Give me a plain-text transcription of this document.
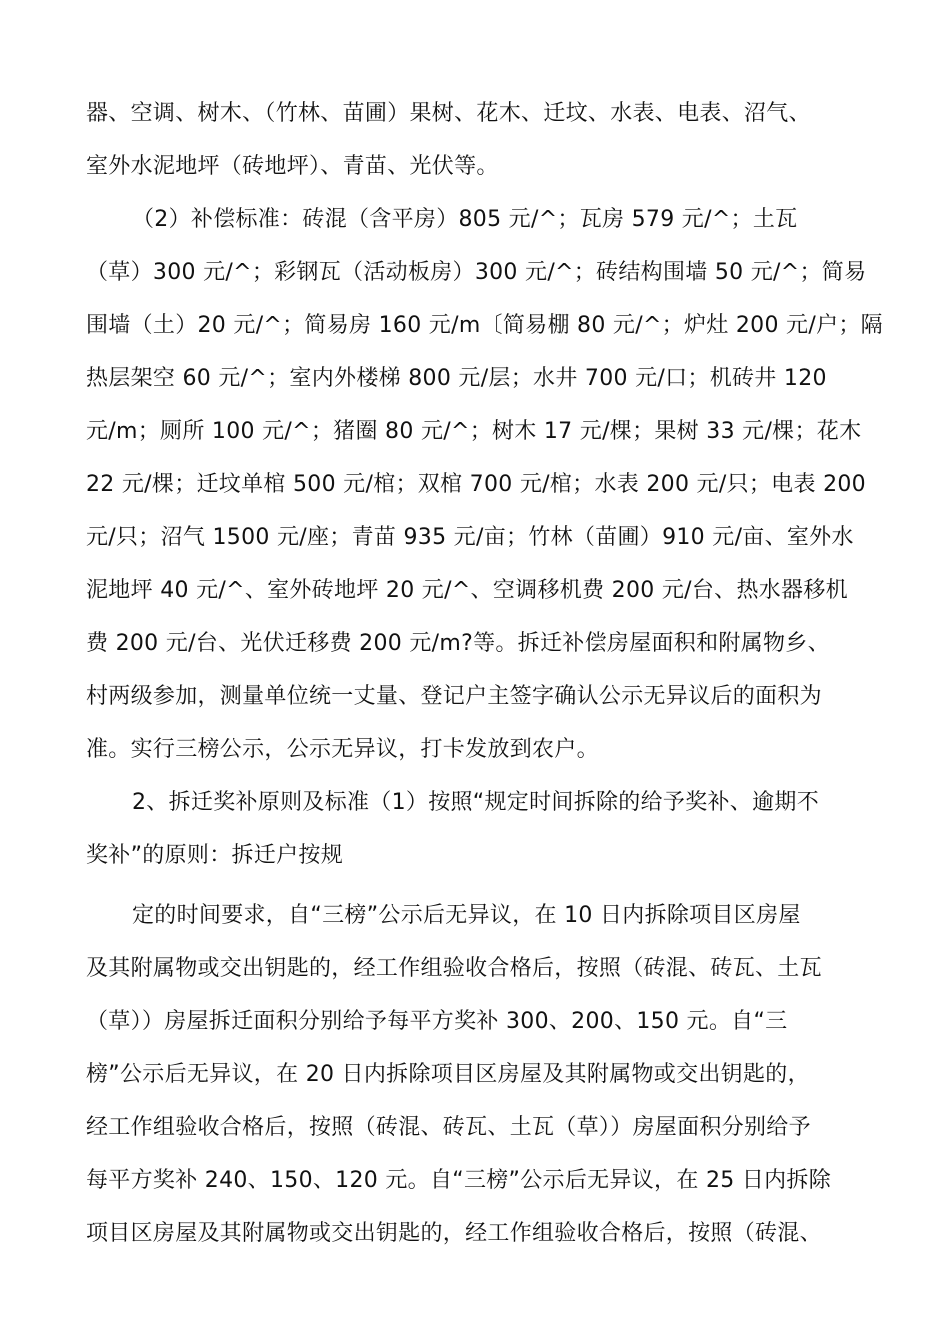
器、空调、树木、（竹林、苗圃）果树、花木、迁坟、水表、电表、沼气、
室外水泥地坪（砖地坪）、青苗、光伏等。
（2）补偿标准：砖混（含平房）805 元/^；瓦房 579 元/^；土瓦
（草）300 元/^；彩钢瓦（活动板房）300 元/^；砖结构围墙 50 元/^；简易
围墙（土）20 元/^；简易房 160 元/m〔简易棚 80 元/^；炉灶 200 元/户；隔
热层架空 60 元/^；室内外楼梯 800 元/层；水井 700 元/口；机砖井 120
元/m；厕所 100 元/^；猪圈 80 元/^；树木 17 元/棵；果树 33 元/棵；花木
22 元/棵；迁坟单棺 500 元/棺；双棺 700 元/棺；水表 200 元/只；电表 200
元/只；沼气 1500 元/座；青苗 935 元/亩；竹林（苗圃）910 元/亩、室外水
泥地坪 40 元/^、室外砖地坪 20 元/^、空调移机费 200 元/台、热水器移机
费 200 元/台、光伏迁移费 200 元/m?等。拆迁补偿房屋面积和附属物乡、
村两级参加，测量单位统一丈量、登记户主签字确认公示无异议后的面积为
准。实行三榜公示，公示无异议，打卡发放到农户。
2、拆迁奖补原则及标准（1）按照“规定时间拆除的给予奖补、逾期不
奖补”的原则：拆迁户按规
定的时间要求，自“三榜”公示后无异议，在 10 日内拆除项目区房屋
及其附属物或交出钥匙的，经工作组验收合格后，按照（砖混、砖瓦、土瓦
（草））房屋拆迁面积分别给予每平方奖补 300、200、150 元。自“三
榜”公示后无异议，在 20 日内拆除项目区房屋及其附属物或交出钥匙的，
经工作组验收合格后，按照（砖混、砖瓦、土瓦（草））房屋面积分别给予
每平方奖补 240、150、120 元。自“三榜”公示后无异议，在 25 日内拆除
项目区房屋及其附属物或交出钥匙的，经工作组验收合格后，按照（砖混、
